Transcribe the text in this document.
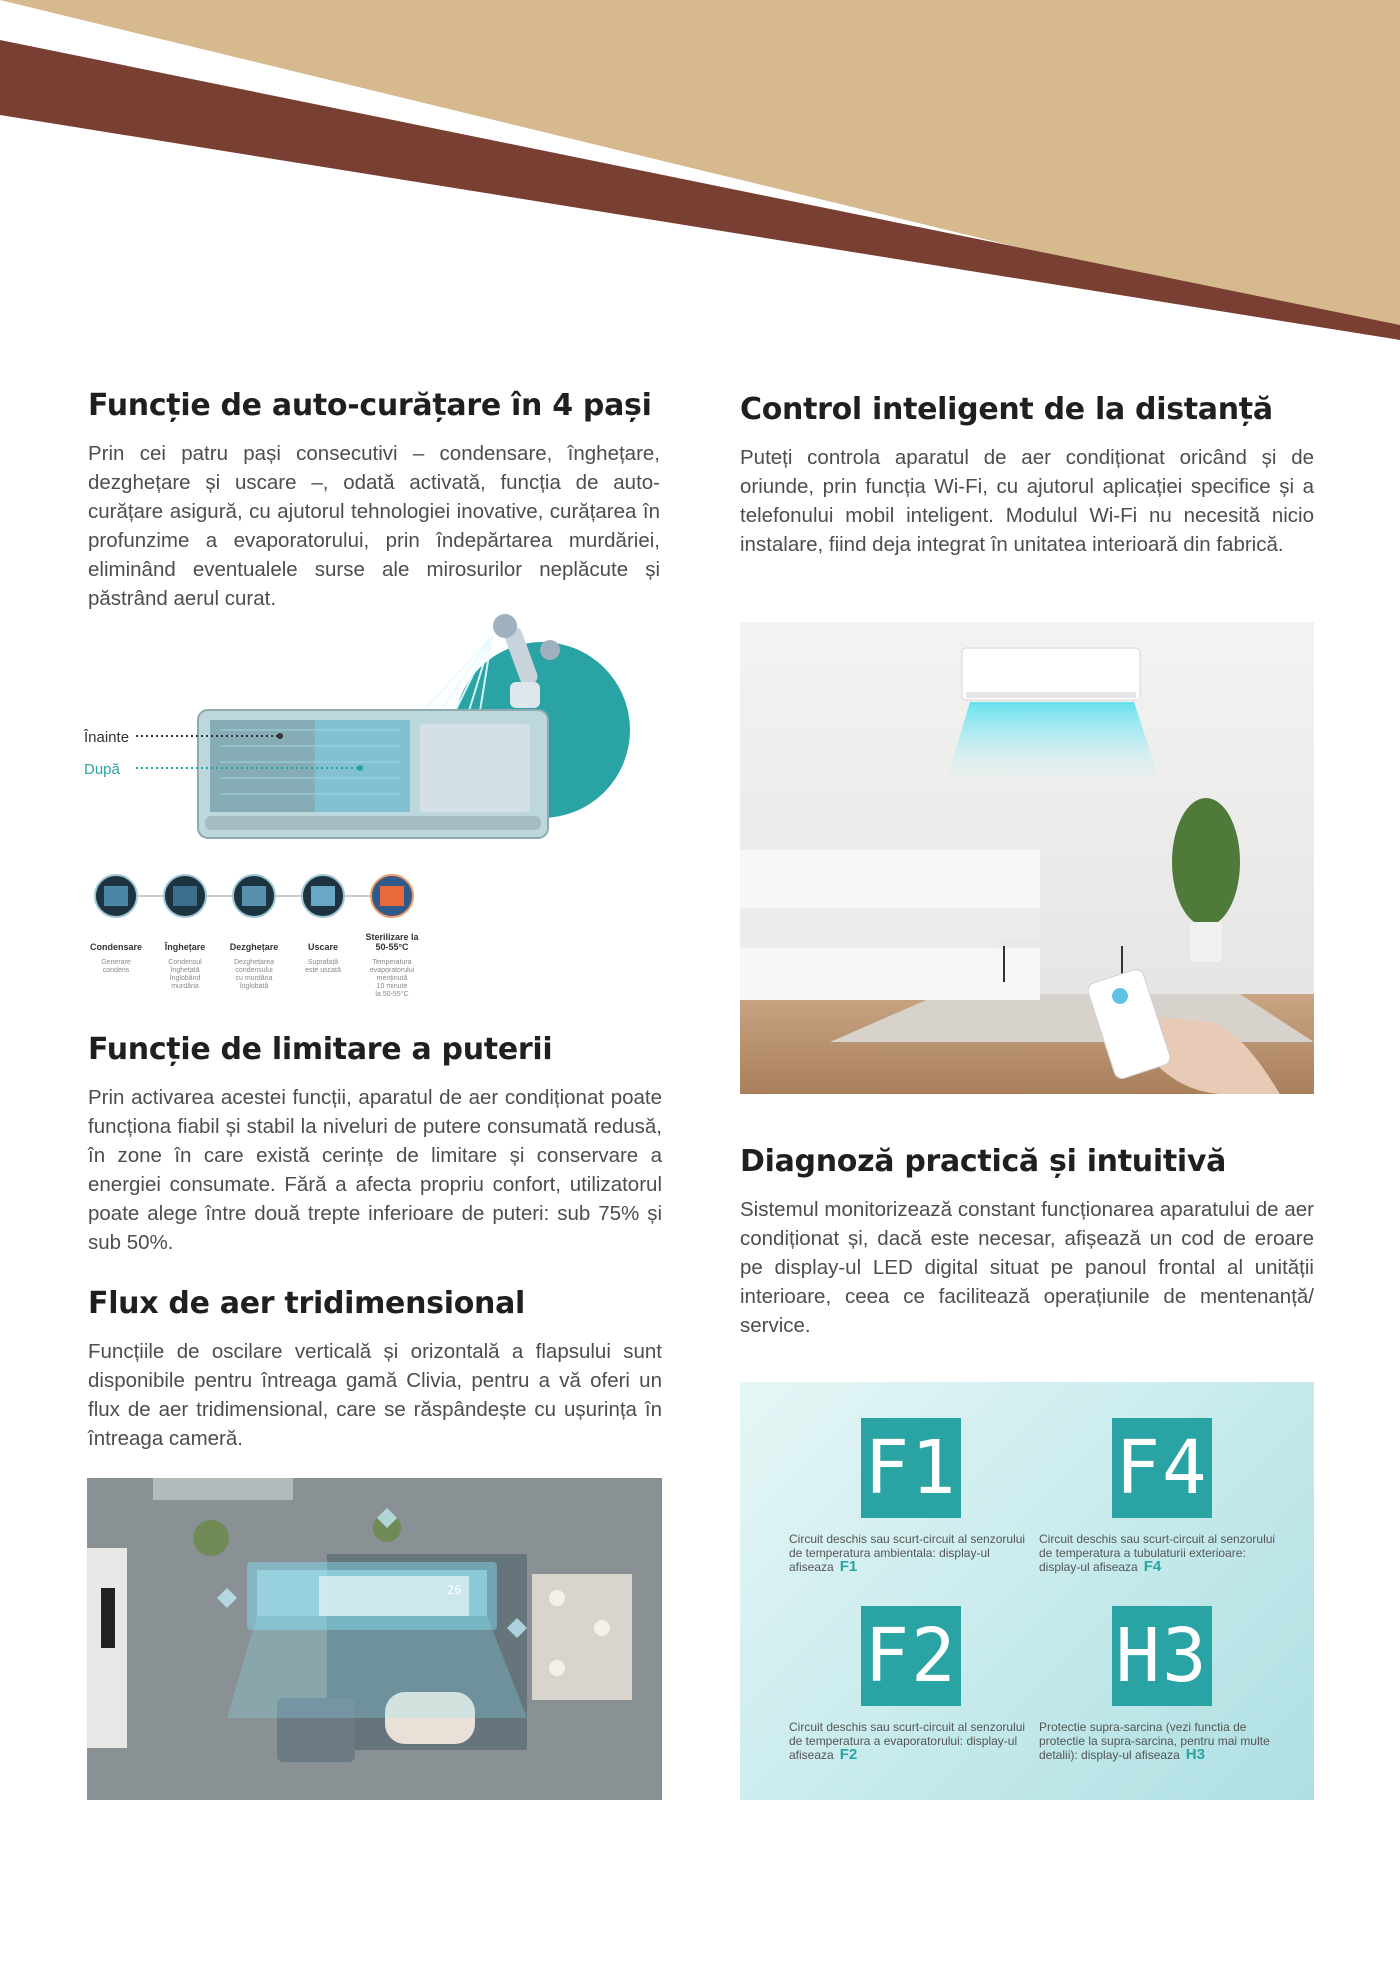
Funcție de auto-curățare în 4 pași

Prin cei patru pași consecutivi – condensare, înghețare, dezghețare și uscare –, odată activată, funcția de auto-curățare asigură, cu ajutorul tehnologiei inovative, curățarea în profunzime a evaporatorului, prin îndepărtarea murdăriei, eliminând eventualele surse ale mirosurilor neplăcute și păstrând aerul curat.

Înainte
După
Condensare
Generare
condens
Înghețare
Condensul
înghețată
înglobând
murdăria
Dezghețare
Dezghețarea
condensului
cu murdăria
înglobată
Uscare
Suprafață
este uscată
Sterilizare la
50-55°C
Temperatura
evaporatorului
menținută
10 minute
la 50-55°C
Funcție de limitare a puterii

Prin activarea acestei funcții, aparatul de aer condiționat poate funcționa fiabil și stabil la niveluri de putere consumată redusă, în zone în care există cerințe de limitare și conservare a energiei consumate. Fără a afecta propriu confort, utilizatorul poate alege între două trepte inferioare de puteri: sub 75% și sub 50%.

Flux de aer tridimensional

Funcțiile de oscilare verticală și orizontală a flapsului sunt disponibile pentru întreaga gamă Clivia, pentru a vă oferi un flux de aer tridimensional, care se răspândește cu ușurința în întreaga cameră.

26
Control inteligent de la distanță

Puteți controla aparatul de aer condiționat oricând și de oriunde, prin funcția Wi-Fi, cu ajutorul aplicației specifice și a telefonului mobil inteligent. Modulul Wi-Fi nu necesită nicio instalare, fiind deja integrat în unitatea interioară din fabrică.

Diagnoză practică și intuitivă

Sistemul monitorizează constant funcționarea aparatului de aer condiționat și, dacă este necesar, afișează un cod de eroare pe display-ul LED digital situat pe panoul frontal al unității interioare, ceea ce facilitează operațiunile de mentenanță/ service.

F1 F4
Circuit deschis sau scurt-circuit al senzorului de temperatura ambientala: display-ul afiseaza F1
Circuit deschis sau scurt-circuit al senzorului de temperatura a tubulaturii exterioare: display-ul afiseaza F4
F2 H3
Circuit deschis sau scurt-circuit al senzorului de temperatura a evaporatorului: display-ul afiseaza F2
Protectie supra-sarcina (vezi functia de protectie la supra-sarcina, pentru mai multe detalii): display-ul afiseaza H3
